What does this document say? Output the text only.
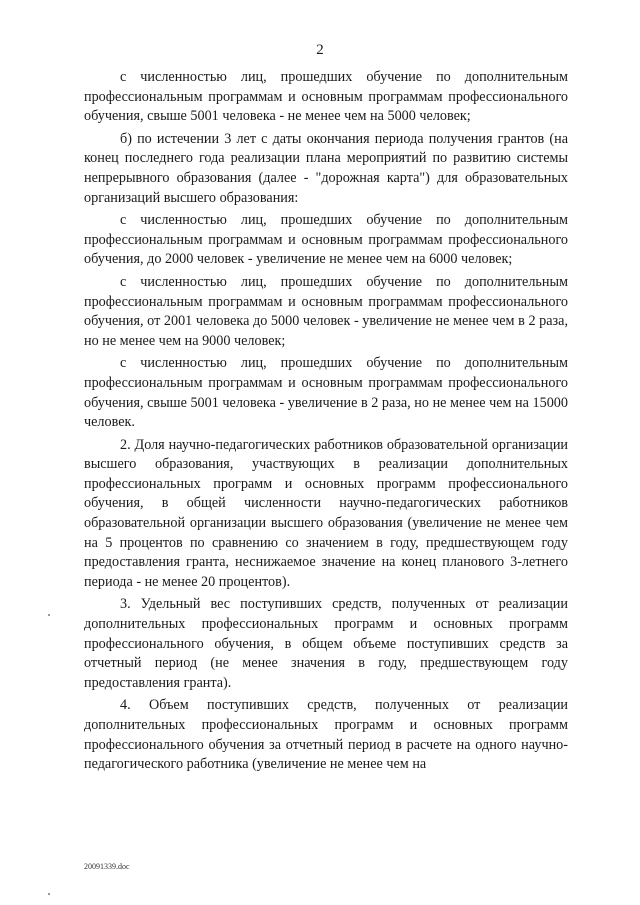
2

с численностью лиц, прошедших обучение по дополнительным профессиональным программам и основным программам профессионального обучения, свыше 5001 человека - не менее чем на 5000 человек;

б) по истечении 3 лет с даты окончания периода получения грантов (на конец последнего года реализации плана мероприятий по развитию системы непрерывного образования (далее - "дорожная карта") для образовательных организаций высшего образования:

с численностью лиц, прошедших обучение по дополнительным профессиональным программам и основным программам профессионального обучения, до 2000 человек - увеличение не менее чем на 6000 человек;

с численностью лиц, прошедших обучение по дополнительным профессиональным программам и основным программам профессионального обучения, от 2001 человека до 5000 человек - увеличение не менее чем в 2 раза, но не менее чем на 9000 человек;

с численностью лиц, прошедших обучение по дополнительным профессиональным программам и основным программам профессионального обучения, свыше 5001 человека - увеличение в 2 раза, но не менее чем на 15000 человек.

2. Доля научно-педагогических работников образовательной организации высшего образования, участвующих в реализации дополнительных профессиональных программ и основных программ профессионального обучения, в общей численности научно-педагогических работников образовательной организации высшего образования (увеличение не менее чем на 5 процентов по сравнению со значением в году, предшествующем году предоставления гранта, неснижаемое значение на конец планового 3-летнего периода - не менее 20 процентов).

3. Удельный вес поступивших средств, полученных от реализации дополнительных профессиональных программ и основных программ профессионального обучения, в общем объеме поступивших средств за отчетный период (не менее значения в году, предшествующем году предоставления гранта).

4. Объем поступивших средств, полученных от реализации дополнительных профессиональных программ и основных программ профессионального обучения за отчетный период в расчете на одного научно-педагогического работника (увеличение не менее чем на

20091339.doc
